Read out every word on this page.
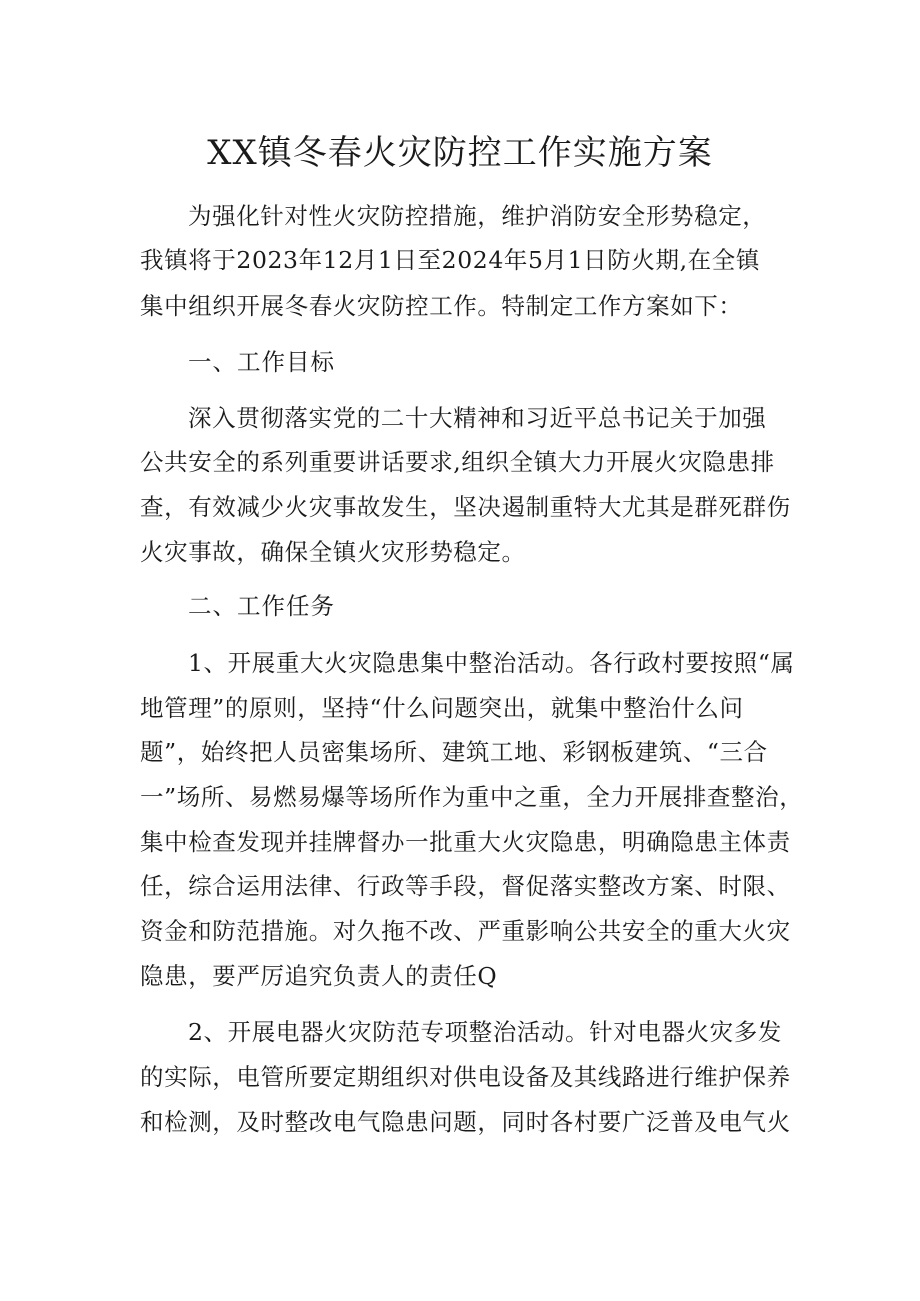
XX镇冬春火灾防控工作实施方案

为强化针对性火灾防控措施，维护消防安全形势稳定，

我镇将于2023年12月1日至2024年5月1日防火期,在全镇

集中组织开展冬春火灾防控工作。特制定工作方案如下：

一、工作目标

深入贯彻落实党的二十大精神和习近平总书记关于加强

公共安全的系列重要讲话要求,组织全镇大力开展火灾隐患排

查，有效减少火灾事故发生，坚决遏制重特大尤其是群死群伤

火灾事故，确保全镇火灾形势稳定。

二、工作任务

1、开展重大火灾隐患集中整治活动。各行政村要按照“属

地管理”的原则，坚持“什么问题突出，就集中整治什么问

题”，始终把人员密集场所、建筑工地、彩钢板建筑、“三合

一”场所、易燃易爆等场所作为重中之重，全力开展排查整治，

集中检查发现并挂牌督办一批重大火灾隐患，明确隐患主体责

任，综合运用法律、行政等手段，督促落实整改方案、时限、

资金和防范措施。对久拖不改、严重影响公共安全的重大火灾

隐患，要严厉追究负责人的责任Q

2、开展电器火灾防范专项整治活动。针对电器火灾多发

的实际，电管所要定期组织对供电设备及其线路进行维护保养

和检测，及时整改电气隐患问题，同时各村要广泛普及电气火
